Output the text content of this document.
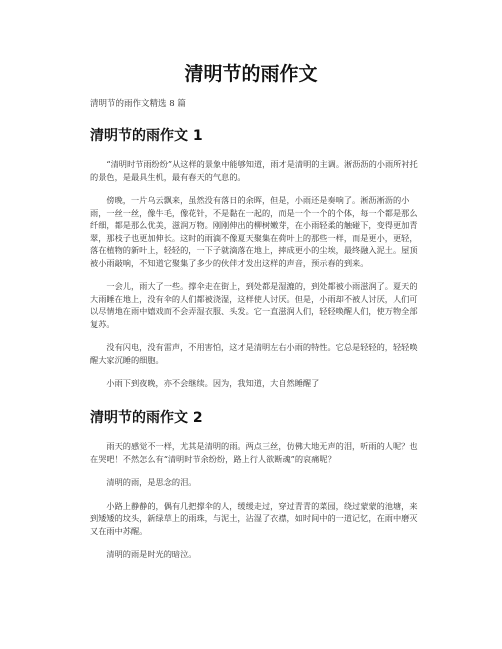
清明节的雨作文

清明节的雨作文精选 8 篇

清明节的雨作文 1

“清明时节雨纷纷”从这样的景象中能够知道，雨才是清明的主调。淅沥沥的小雨所衬托的景色，是最具生机，最有春天的气息的。

傍晚，一片乌云飘来，虽然没有落日的余晖，但是，小雨还是奏响了。淅沥淅沥的小雨，一丝一丝，像牛毛，像花针，不是黏在一起的，而是一个一个的个体，每一个都是那么纤细，都是那么优美，滋润万物。刚刚伸出的柳树嫩芽，在小雨轻柔的触碰下，变得更加青翠，那枝子也更加伸长。这时的雨滴不像夏天聚集在荷叶上的那些一样，而是更小，更轻，落在植物的新叶上，轻轻的，一下子就滴落在地上，摔成更小的尘埃，最终融入泥土。屋顶被小雨敲响，不知道它聚集了多少的伙伴才发出这样的声音，预示春的到来。

一会儿，雨大了一些。撑伞走在街上，到处都是湿漉的，到处都被小雨滋润了。夏天的大雨睡在地上，没有伞的人们都被浇湿，这样使人讨厌。但是，小雨却不被人讨厌，人们可以尽情地在雨中嬉戏而不会弄湿衣服、头发。它一直滋润人们，轻轻唤醒人们，使万物全部复苏。

没有闪电，没有雷声，不用害怕，这才是清明左右小雨的特性。它总是轻轻的，轻轻唤醒大家沉睡的细胞。

小雨下到夜晚，亦不会继续。因为，我知道，大自然睡醒了

清明节的雨作文 2

雨天的感觉不一样，尤其是清明的雨。两点三丝，仿佛大地无声的泪，听雨的人呢？也在哭吧！不然怎么有“清明时节余纷纷，路上行人欲断魂”的哀痛呢？

清明的雨，是思念的泪。

小路上静静的，偶有几把撑伞的人，缓缓走过，穿过青青的菜园，绕过蒙蒙的池塘，来到矮矮的坟头，新绿草上的雨珠，与泥土，沾湿了衣襟，如时间中的一道记忆，在雨中磨灭又在雨中苏醒。

清明的雨是时光的暗泣。
